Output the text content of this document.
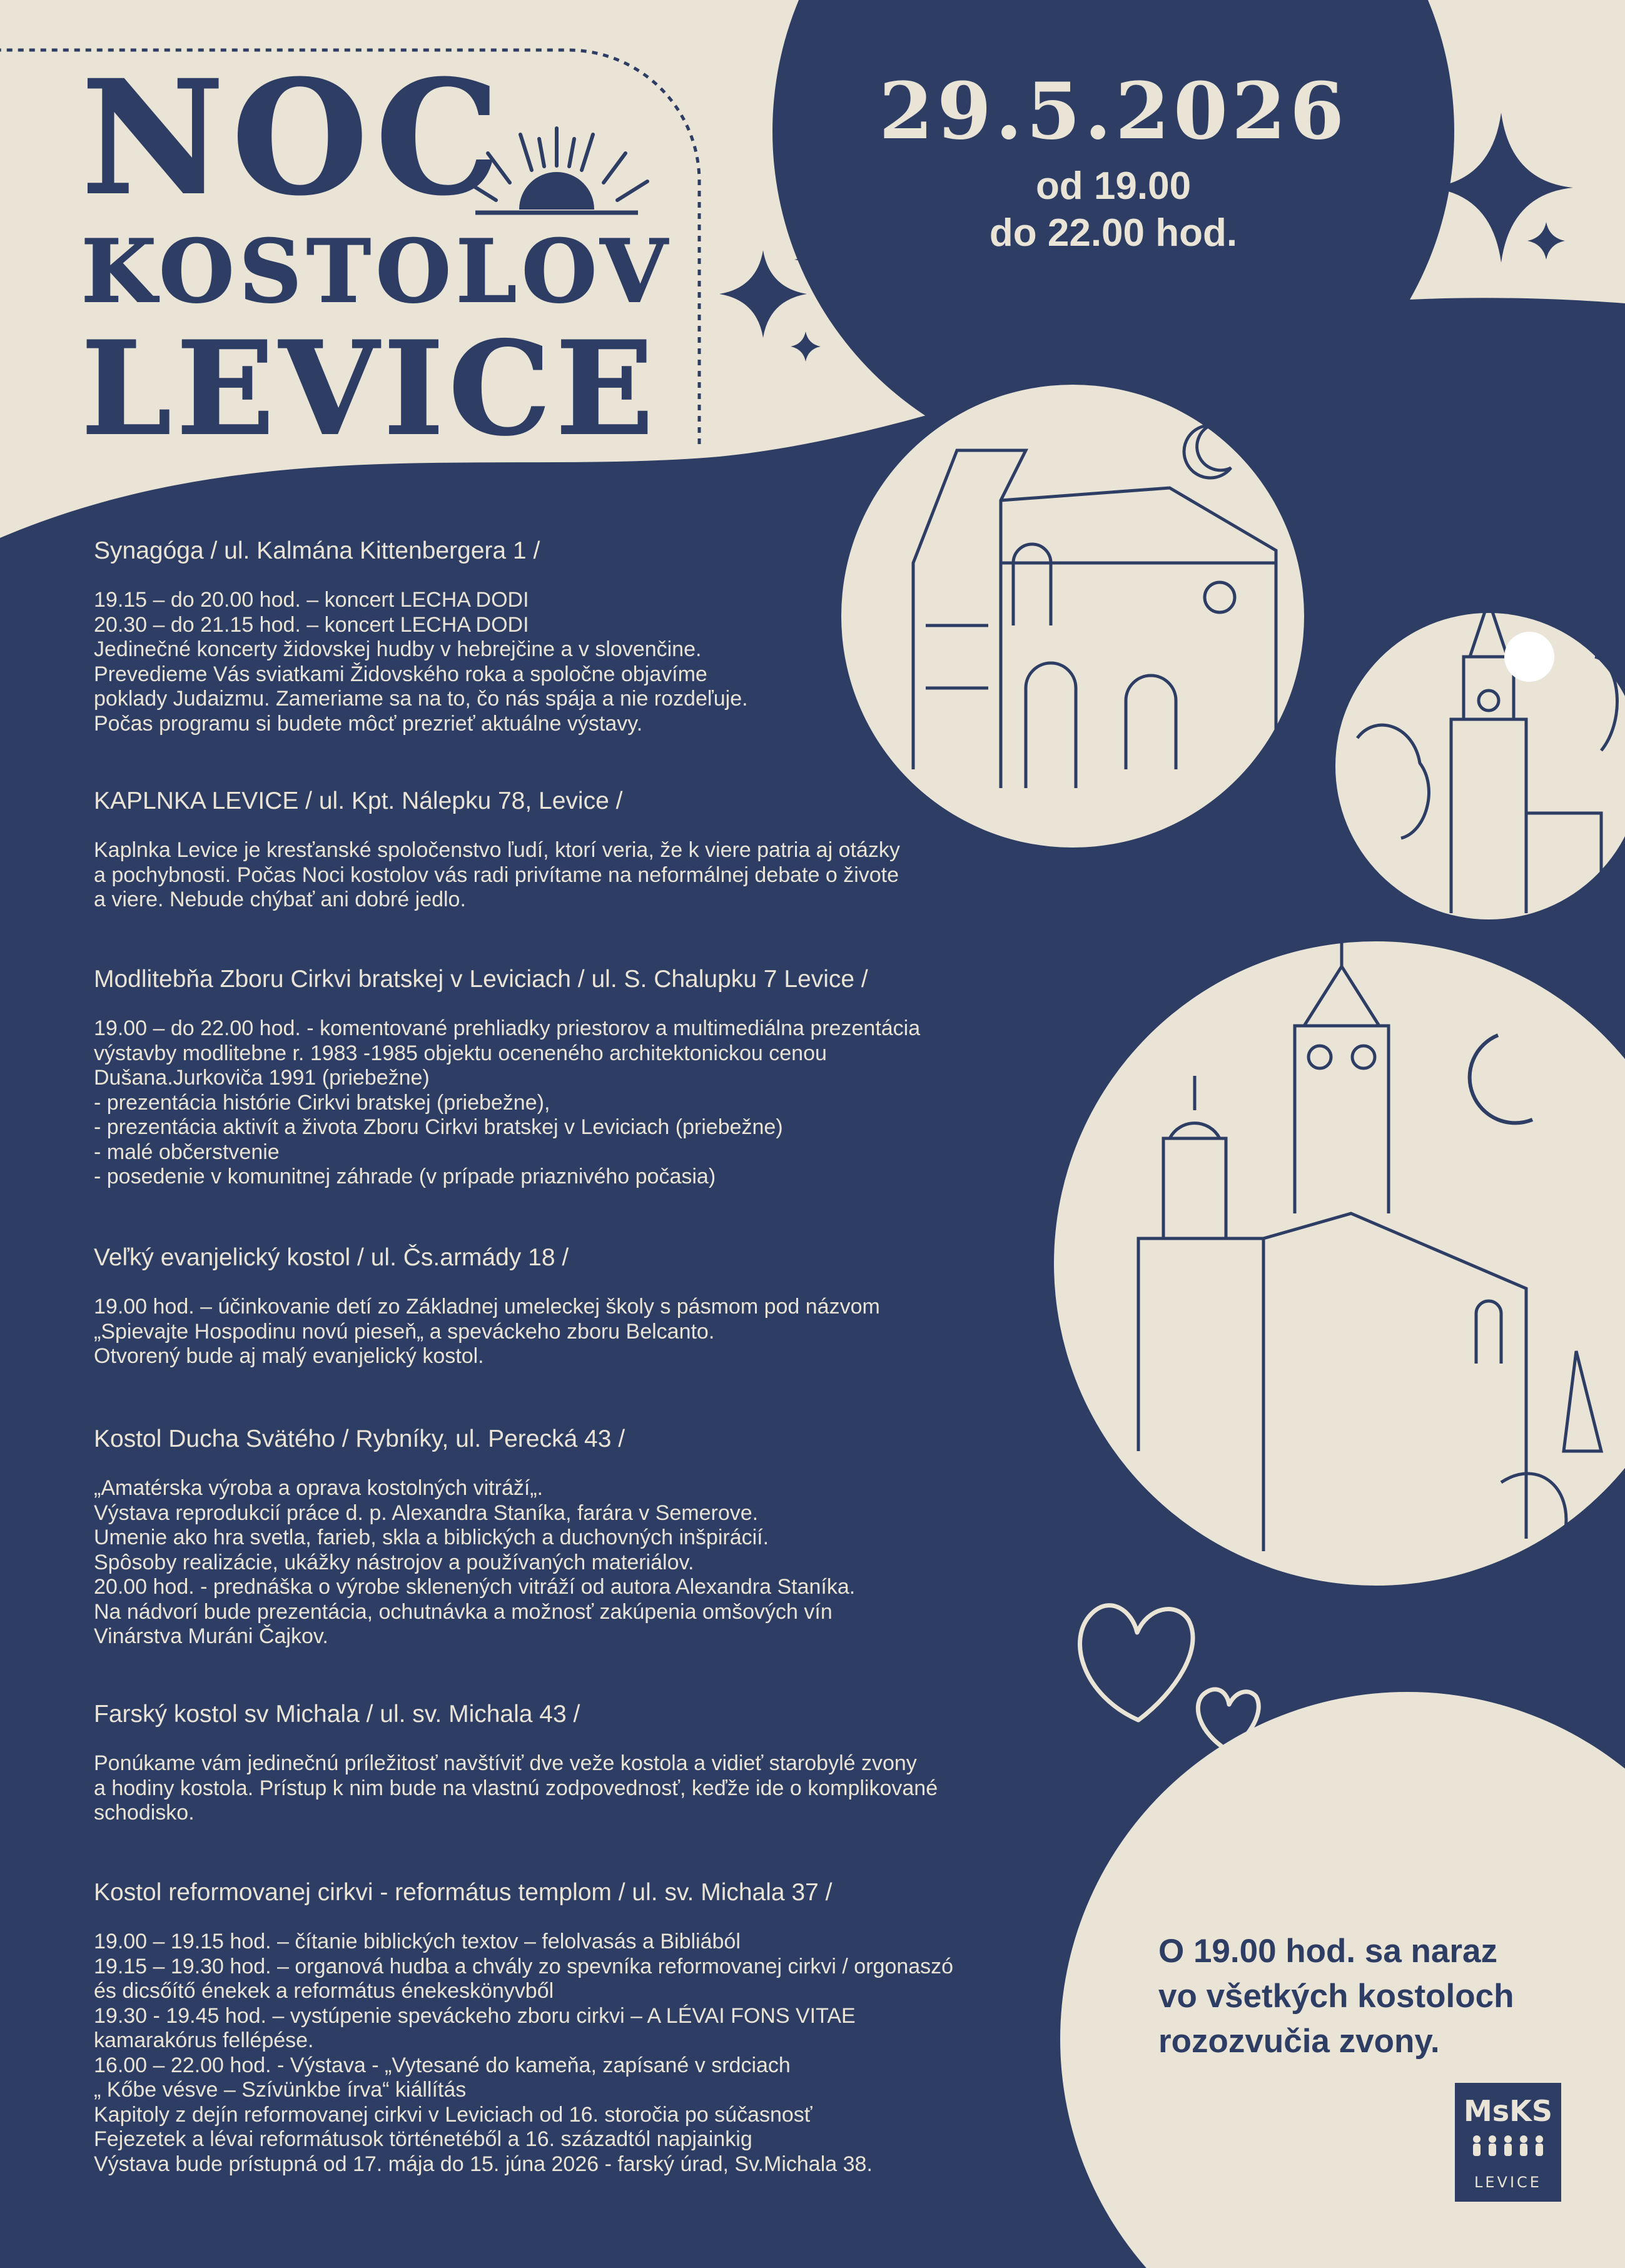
NOC
KOSTOLOV
LEVICE
29.5.2026
od 19.00
do 22.00 hod.
Synagóga / ul. Kalmána Kittenbergera 1 /
19.15 – do 20.00 hod. – koncert LECHA DODI
20.30 – do 21.15 hod. – koncert LECHA DODI
Jedinečné koncerty židovskej hudby v hebrejčine a v slovenčine.
Prevedieme Vás sviatkami Židovského roka a spoločne objavíme
poklady Judaizmu. Zameriame sa na to, čo nás spája a nie rozdeľuje.
Počas programu si budete môcť prezrieť aktuálne výstavy.
KAPLNKA LEVICE / ul. Kpt. Nálepku 78, Levice /
Kaplnka Levice je kresťanské spoločenstvo ľudí, ktorí veria, že k viere patria aj otázky
a pochybnosti. Počas Noci kostolov vás radi privítame na neformálnej debate o živote
a viere. Nebude chýbať ani dobré jedlo.
Modlitebňa Zboru Cirkvi bratskej v Leviciach / ul. S. Chalupku 7 Levice /
19.00 – do 22.00 hod. - komentované prehliadky priestorov a multimediálna prezentácia
výstavby modlitebne r. 1983 -1985 objektu oceneného architektonickou cenou
Dušana.Jurkoviča 1991 (priebežne)
- prezentácia histórie Cirkvi bratskej (priebežne),
- prezentácia aktivít a života Zboru Cirkvi bratskej v Leviciach (priebežne)
- malé občerstvenie
- posedenie v komunitnej záhrade (v prípade priaznivého počasia)
Veľký evanjelický kostol / ul. Čs.armády 18 /
19.00 hod. – účinkovanie detí zo Základnej umeleckej školy s pásmom pod názvom
„Spievajte Hospodinu novú pieseň„ a speváckeho zboru Belcanto.
Otvorený bude aj malý evanjelický kostol.
Kostol Ducha Svätého / Rybníky, ul. Perecká 43 /
„Amatérska výroba a oprava kostolných vitráží„.
Výstava reprodukcií práce d. p. Alexandra Staníka, farára v Semerove.
Umenie ako hra svetla, farieb, skla a biblických a duchovných inšpirácií.
Spôsoby realizácie, ukážky nástrojov a používaných materiálov.
20.00 hod. - prednáška o výrobe sklenených vitráží od autora Alexandra Staníka.
Na nádvorí bude prezentácia, ochutnávka a možnosť zakúpenia omšových vín
Vinárstva Muráni Čajkov.
Farský kostol sv Michala / ul. sv. Michala 43 /
Ponúkame vám jedinečnú príležitosť navštíviť dve veže kostola a vidieť starobylé zvony
a hodiny kostola. Prístup k nim bude na vlastnú zodpovednosť, keďže ide o komplikované
schodisko.
Kostol reformovanej cirkvi - református templom / ul. sv. Michala 37 /
19.00 – 19.15 hod. – čítanie biblických textov – felolvasás a Bibliából
19.15 – 19.30 hod. – organová hudba a chvály zo spevníka reformovanej cirkvi / orgonaszó
és dicsőítő énekek a református énekeskönyvből
19.30 - 19.45 hod. – vystúpenie speváckeho zboru cirkvi – A LÉVAI FONS VITAE
kamarakórus fellépése.
16.00 – 22.00 hod. - Výstava - „Vytesané do kameňa, zapísané v srdciach
„ Kőbe vésve – Szívünkbe írva“ kiállítás
Kapitoly z dejín reformovanej cirkvi v Leviciach od 16. storočia po súčasnosť
Fejezetek a lévai reformátusok történetéből a 16. századtól napjainkig
Výstava bude prístupná od 17. mája do 15. júna 2026 - farský úrad, Sv.Michala 38.
O 19.00 hod. sa naraz
vo všetkých kostoloch
rozozvučia zvony.
MsKS
LEVICE
